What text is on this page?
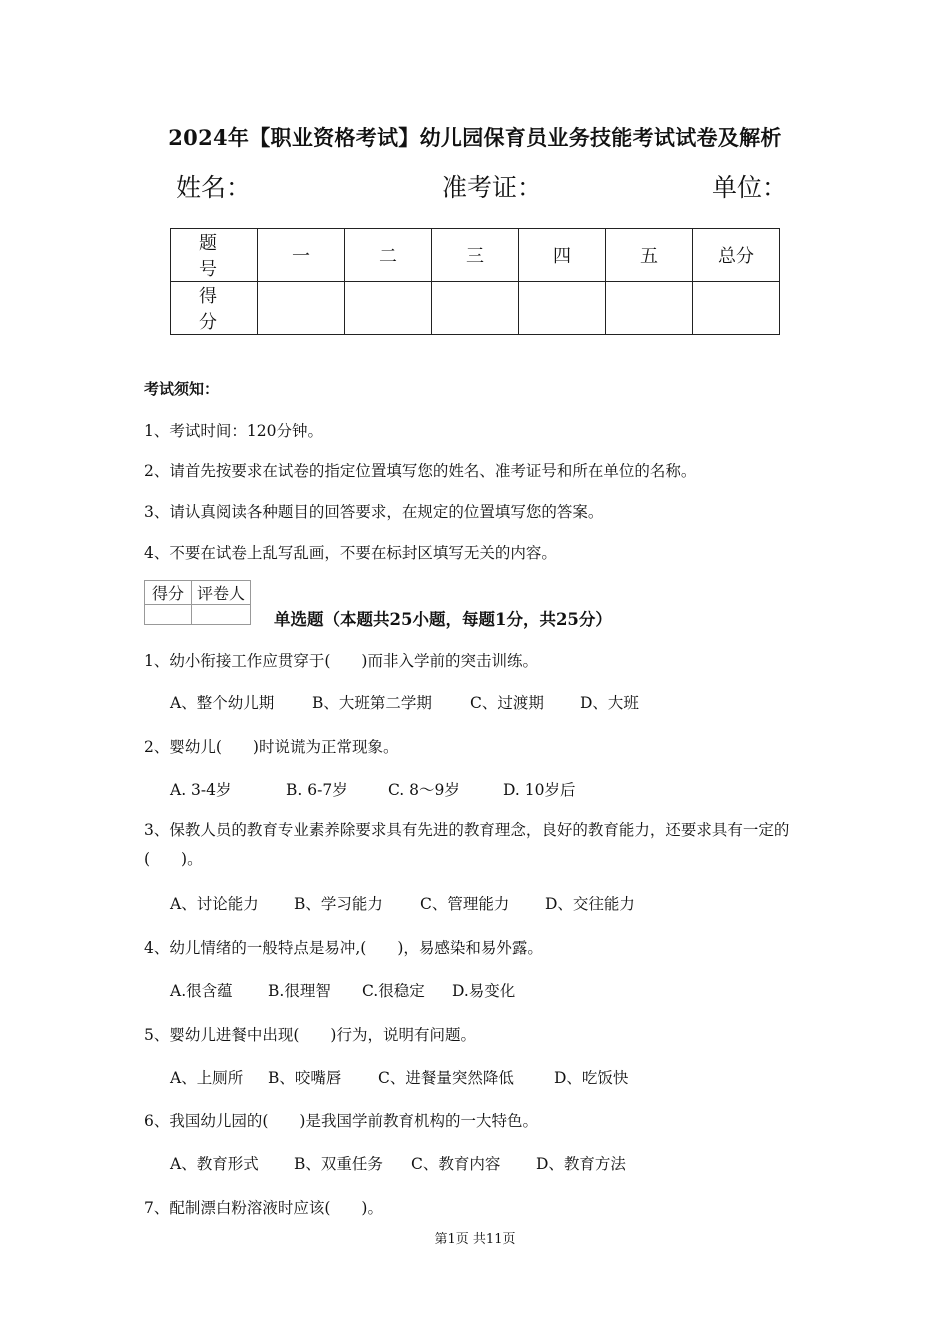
2024年【职业资格考试】幼儿园保育员业务技能考试试卷及解析
姓名：	准考证：	单位：
题　号	一	二	三	四	五	总分
得　分						
考试须知：
1、考试时间：120分钟。
2、请首先按要求在试卷的指定位置填写您的姓名、准考证号和所在单位的名称。
3、请认真阅读各种题目的回答要求，在规定的位置填写您的答案。
4、不要在试卷上乱写乱画，不要在标封区填写无关的内容。
得分	评卷人

单选题（本题共25小题，每题1分，共25分）
1、幼小衔接工作应贯穿于(　　)而非入学前的突击训练。
A、整个幼儿期 B、大班第二学期 C、过渡期 D、大班
2、婴幼儿(　　)时说谎为正常现象。
A. 3-4岁	B. 6-7岁	C. 8～9岁	D. 10岁后
3、保教人员的教育专业素养除要求具有先进的教育理念，良好的教育能力，还要求具有一定的(　　)。
A、讨论能力 B、学习能力 C、管理能力 D、交往能力
4、幼儿情绪的一般特点是易冲,(　　)，易感染和易外露。
A.很含蕴 B.很理智 C.很稳定 D.易变化
5、婴幼儿进餐中出现(　　)行为，说明有问题。
A、上厕所 B、咬嘴唇 C、进餐量突然降低	D、吃饭快
6、我国幼儿园的(　　)是我国学前教育机构的一大特色。
A、教育形式 B、双重任务 C、教育内容 D、教育方法
7、配制漂白粉溶液时应该(　　)。
第1页 共11页
